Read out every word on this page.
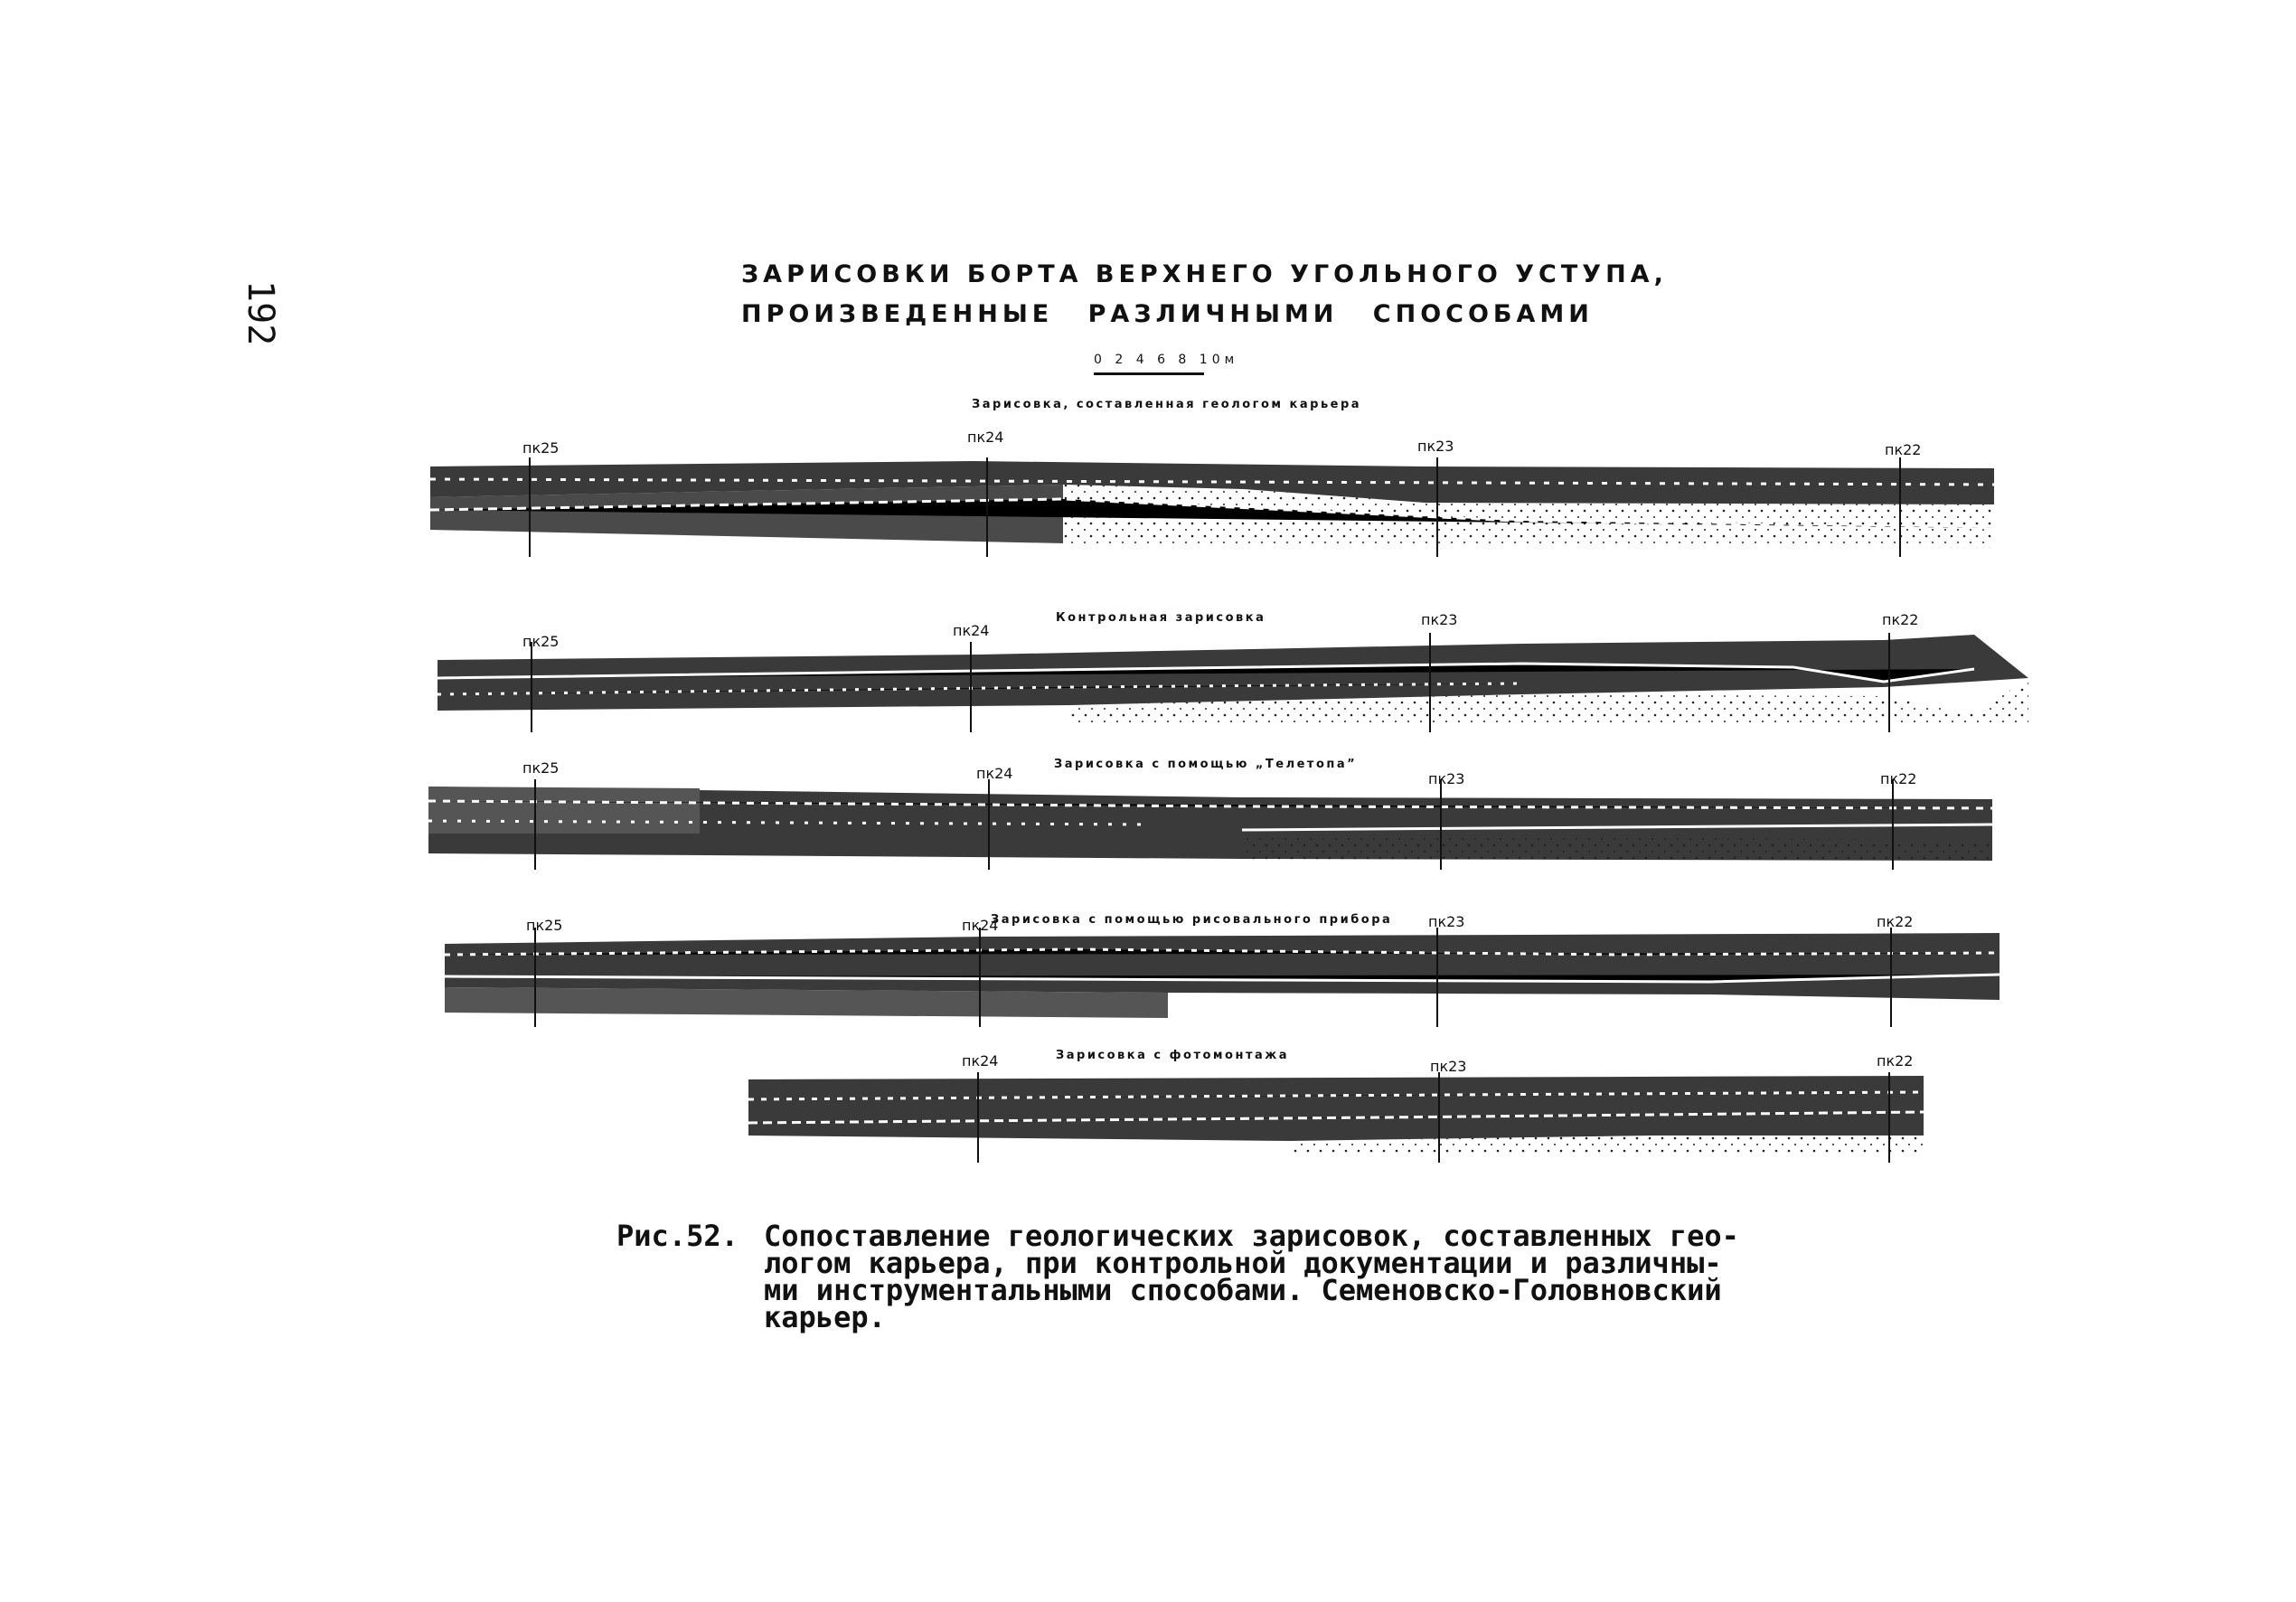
192
ЗАРИСОВКИ БОРТА ВЕРХНЕГО УГОЛЬНОГО УСТУПА,
ПРОИЗВЕДЕННЫЕ РАЗЛИЧНЫМИ СПОСОБАМИ
0 2 4 6 8 10м
Зарисовка, составленная геологом карьера
пк25
пк24
пк23	пк22
Контрольная зарисовка
пк25
пк24
пк23	пк22
Зарисовка с помощью „Телетопа”
пк25	пк24	пк23	пк22
Зарисовка с помощью рисовального прибора
пк25	пк24	пк23	пк22
Зарисовка с фотомонтажа
пк24	пк23	пк22
Рис.52. Сопоставление геологических зарисовок, составленных гео-
логом карьера, при контрольной документации и различны-
ми инструментальными способами. Семеновско-Головновский
карьер.
